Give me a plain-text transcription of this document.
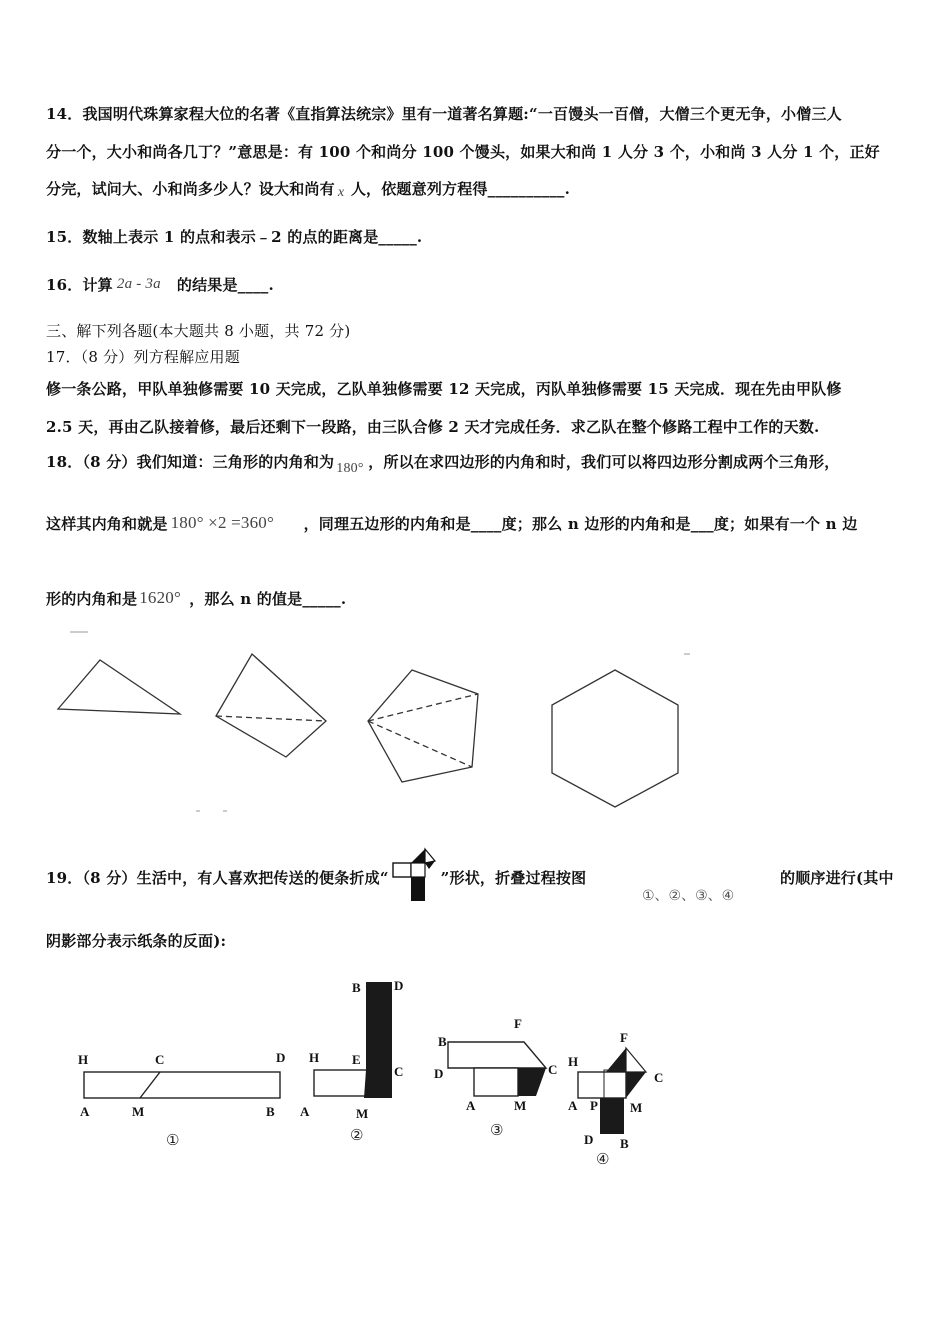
14．我国明代珠算家程大位的名著《直指算法统宗》里有一道著名算题:“一百馒头一百僧，大僧三个更无争，小僧三人
分一个，大小和尚各几丁？”意思是：有 100 个和尚分 100 个馒头，如果大和尚 1 人分 3 个，小和尚 3 人分 1 个，正好
分完，试问大、小和尚多少人？设大和尚有 x 人，依题意列方程得__________.
15．数轴上表示 1 的点和表示﹣2 的点的距离是_____.
16．计算 2a - 3a 的结果是____.
三、解下列各题(本大题共 8 小题，共 72 分)
17．（8 分）列方程解应用题
修一条公路，甲队单独修需要 10 天完成，乙队单独修需要 12 天完成，丙队单独修需要 15 天完成．现在先由甲队修
2.5 天，再由乙队接着修，最后还剩下一段路，由三队合修 2 天才完成任务．求乙队在整个修路工程中工作的天数.
18．（8 分）我们知道：三角形的内角和为 180° ，所以在求四边形的内角和时，我们可以将四边形分割成两个三角形，
这样其内角和就是 180° ×2 =360° ，同理五边形的内角和是____度；那么 n 边形的内角和是___度；如果有一个 n 边
形的内角和是 1620° ，那么 n 的值是_____.
19．（8 分）生活中，有人喜欢把传送的便条折成“	”形状，折叠过程按图
①、②、③、④
的顺序进行(其中
阴影部分表示纸条的反面):
H	C	D
A	M	B
①
B	D
H	E
C
A	M
②
B
F
D	C
A	M
③
F
H
C
A P M
D B
④
